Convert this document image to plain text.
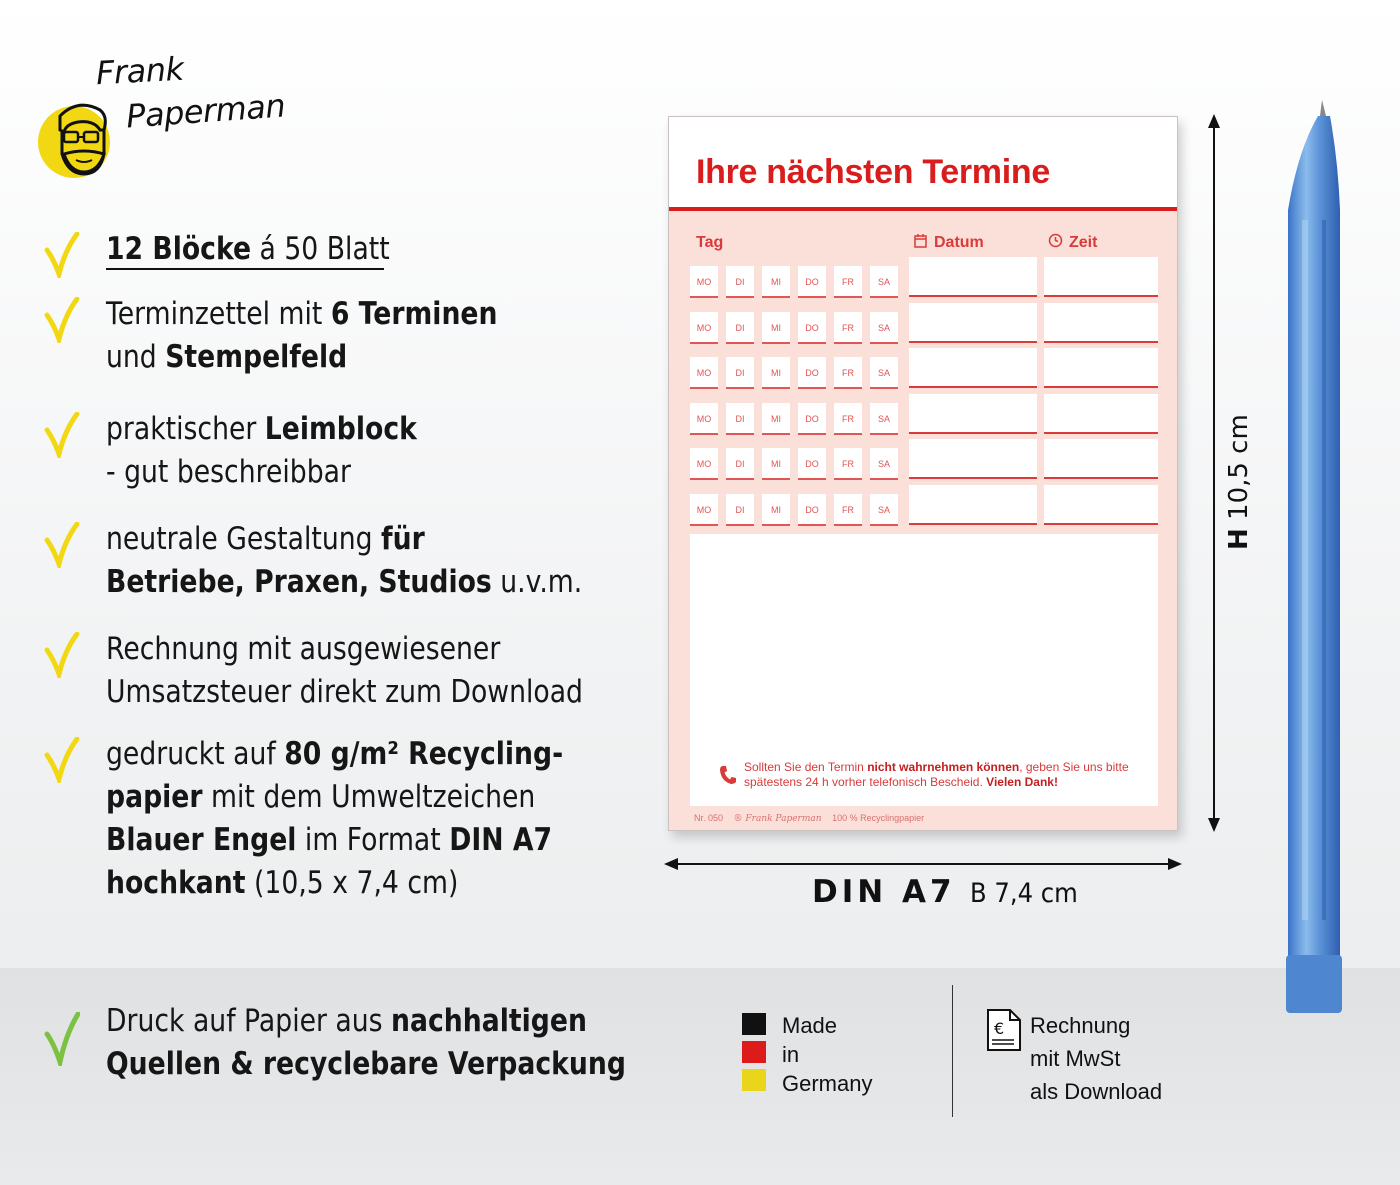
Frank
Paperman
12 Blöcke á 50 Blatt
Terminzettel mit 6 Terminen
und Stempelfeld
praktischer Leimblock
- gut beschreibbar
neutrale Gestaltung für
Betriebe, Praxen, Studios u.v.m.
Rechnung mit ausgewiesener
Umsatzsteuer direkt zum Download
gedruckt auf 80 g/m² Recycling-
papier mit dem Umweltzeichen
Blauer Engel im Format DIN A7
hochkant (10,5 x 7,4 cm)
Ihre nächsten Termine
Tag	Datum	Zeit
MO	DI	MI	DO	FR	SA
MO	DI	MI	DO	FR	SA
MO	DI	MI	DO	FR	SA
MO	DI	MI	DO	FR	SA
MO	DI	MI	DO	FR	SA
MO	DI	MI	DO	FR	SA
Sollten Sie den Termin nicht wahrnehmen können, geben Sie uns bitte spätestens 24 h vorher telefonisch Bescheid. Vielen Dank!
Nr. 050 ® Frank Paperman 100 % Recyclingpapier
DIN A7 B 7,4 cm
H 10,5 cm
Druck auf Papier aus nachhaltigen
Quellen & recyclebare Verpackung
Made
in
Germany
€ Rechnung
mit MwSt
als Download
